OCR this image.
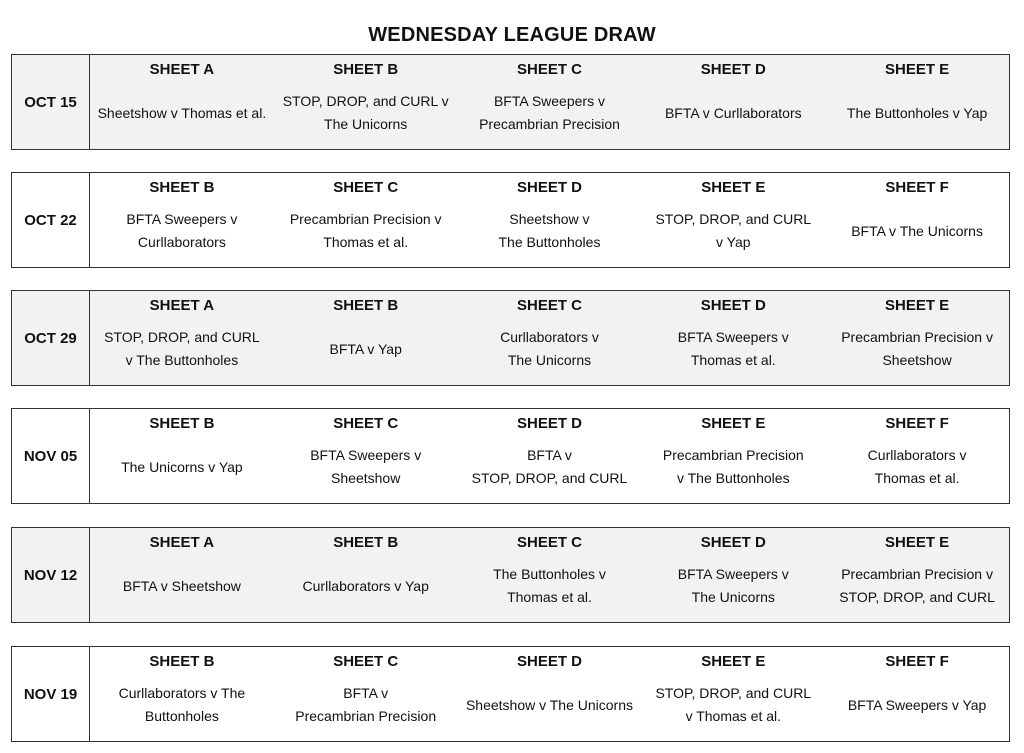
WEDNESDAY LEAGUE DRAW
OCT 15
SHEET A
Sheetshow v Thomas et al.
SHEET B
STOP, DROP, and CURL v
The Unicorns
SHEET C
BFTA Sweepers v
Precambrian Precision
SHEET D
BFTA v Curllaborators
SHEET E
The Buttonholes v Yap
OCT 22
SHEET B
BFTA Sweepers v
Curllaborators
SHEET C
Precambrian Precision v
Thomas et al.
SHEET D
Sheetshow v
The Buttonholes
SHEET E
STOP, DROP, and CURL
v Yap
SHEET F
BFTA v The Unicorns
OCT 29
SHEET A
STOP, DROP, and CURL
v The Buttonholes
SHEET B
BFTA v Yap
SHEET C
Curllaborators v
The Unicorns
SHEET D
BFTA Sweepers v
Thomas et al.
SHEET E
Precambrian Precision v
Sheetshow
NOV 05
SHEET B
The Unicorns v Yap
SHEET C
BFTA Sweepers v
Sheetshow
SHEET D
BFTA v
STOP, DROP, and CURL
SHEET E
Precambrian Precision
v The Buttonholes
SHEET F
Curllaborators v
Thomas et al.
NOV 12
SHEET A
BFTA v Sheetshow
SHEET B
Curllaborators v Yap
SHEET C
The Buttonholes v
Thomas et al.
SHEET D
BFTA Sweepers v
The Unicorns
SHEET E
Precambrian Precision v
STOP, DROP, and CURL
NOV 19
SHEET B
Curllaborators v The
Buttonholes
SHEET C
BFTA v
Precambrian Precision
SHEET D
Sheetshow v The Unicorns
SHEET E
STOP, DROP, and CURL
v Thomas et al.
SHEET F
BFTA Sweepers v Yap
